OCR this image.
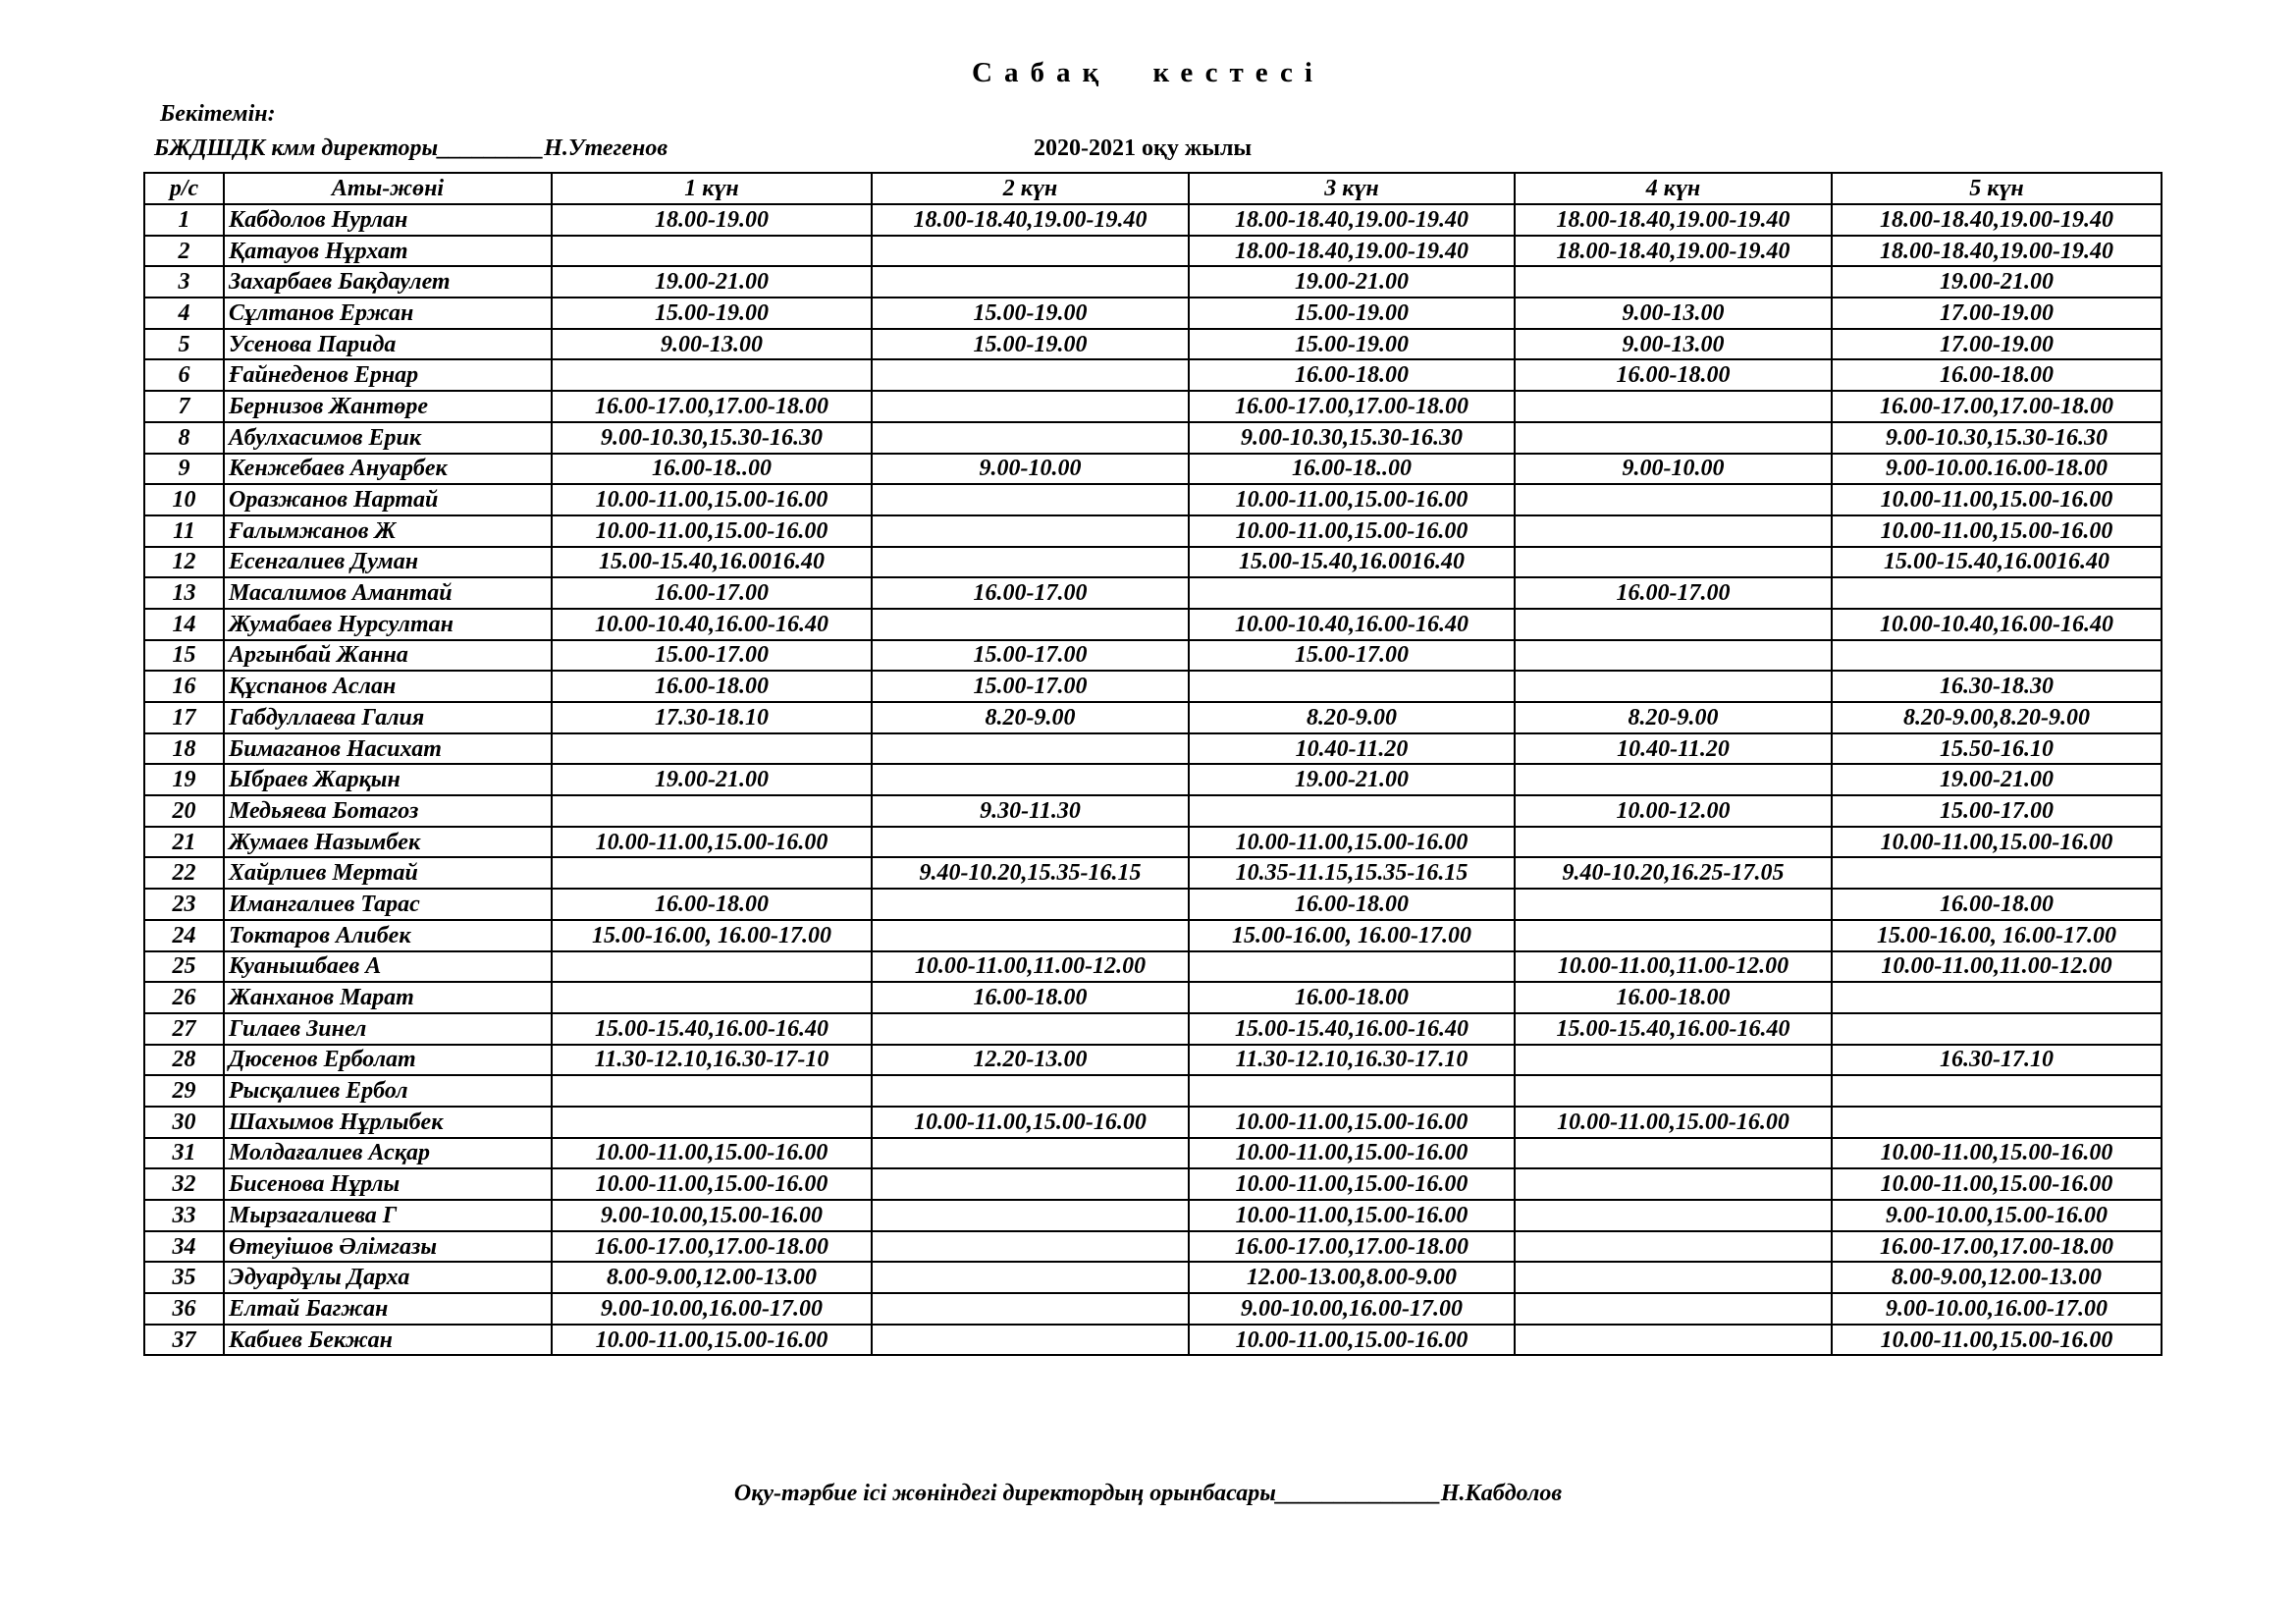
Сабақ кестесі
Бекітемін:
БЖДШДК кмм директоры_________Н.Утегенов	2020-2021 оқу жылы
р/с	Аты-жөні	1 күн	2 күн	3 күн	4 күн	5 күн
1	Кабдолов Нурлан	18.00-19.00	18.00-18.40,19.00-19.40	18.00-18.40,19.00-19.40	18.00-18.40,19.00-19.40	18.00-18.40,19.00-19.40
2	Қатауов Нұрхат			18.00-18.40,19.00-19.40	18.00-18.40,19.00-19.40	18.00-18.40,19.00-19.40
3	Захарбаев Бақдаулет	19.00-21.00		19.00-21.00		19.00-21.00
4	Сұлтанов Ержан	15.00-19.00	15.00-19.00	15.00-19.00	9.00-13.00	17.00-19.00
5	Усенова Парида	9.00-13.00	15.00-19.00	15.00-19.00	9.00-13.00	17.00-19.00
6	Ғайнеденов Ернар			16.00-18.00	16.00-18.00	16.00-18.00
7	Бернизов Жантөре	16.00-17.00,17.00-18.00		16.00-17.00,17.00-18.00		16.00-17.00,17.00-18.00
8	Абулхасимов Ерик	9.00-10.30,15.30-16.30		9.00-10.30,15.30-16.30		9.00-10.30,15.30-16.30
9	Кенжебаев Ануарбек	16.00-18..00	9.00-10.00	16.00-18..00	9.00-10.00	9.00-10.00.16.00-18.00
10	Оразжанов Нартай	10.00-11.00,15.00-16.00		10.00-11.00,15.00-16.00		10.00-11.00,15.00-16.00
11	Ғалымжанов Ж	10.00-11.00,15.00-16.00		10.00-11.00,15.00-16.00		10.00-11.00,15.00-16.00
12	Есенгалиев Думан	15.00-15.40,16.0016.40		15.00-15.40,16.0016.40		15.00-15.40,16.0016.40
13	Масалимов Амантай	16.00-17.00	16.00-17.00		16.00-17.00	
14	Жумабаев Нурсултан	10.00-10.40,16.00-16.40		10.00-10.40,16.00-16.40		10.00-10.40,16.00-16.40
15	Аргынбай Жанна	15.00-17.00	15.00-17.00	15.00-17.00		
16	Құспанов Аслан	16.00-18.00	15.00-17.00			16.30-18.30
17	Габдуллаева Галия	17.30-18.10	8.20-9.00	8.20-9.00	8.20-9.00	8.20-9.00,8.20-9.00
18	Бимаганов Насихат			10.40-11.20	10.40-11.20	15.50-16.10
19	Ыбраев Жарқын	19.00-21.00		19.00-21.00		19.00-21.00
20	Медьяева Ботагоз		9.30-11.30		10.00-12.00	15.00-17.00
21	Жумаев Назымбек	10.00-11.00,15.00-16.00		10.00-11.00,15.00-16.00		10.00-11.00,15.00-16.00
22	Хайрлиев Мертай		9.40-10.20,15.35-16.15	10.35-11.15,15.35-16.15	9.40-10.20,16.25-17.05	
23	Имангалиев Тарас	16.00-18.00		16.00-18.00		16.00-18.00
24	Токтаров Алибек	15.00-16.00, 16.00-17.00		15.00-16.00, 16.00-17.00		15.00-16.00, 16.00-17.00
25	Куанышбаев А		10.00-11.00,11.00-12.00		10.00-11.00,11.00-12.00	10.00-11.00,11.00-12.00
26	Жанханов Марат		16.00-18.00	16.00-18.00	16.00-18.00	
27	Гилаев Зинел	15.00-15.40,16.00-16.40		15.00-15.40,16.00-16.40	15.00-15.40,16.00-16.40	
28	Дюсенов Ерболат	11.30-12.10,16.30-17-10	12.20-13.00	11.30-12.10,16.30-17.10		16.30-17.10
29	Рысқалиев Ербол					
30	Шахымов Нұрлыбек		10.00-11.00,15.00-16.00	10.00-11.00,15.00-16.00	10.00-11.00,15.00-16.00	
31	Молдағалиев Асқар	10.00-11.00,15.00-16.00		10.00-11.00,15.00-16.00		10.00-11.00,15.00-16.00
32	Бисенова Нұрлы	10.00-11.00,15.00-16.00		10.00-11.00,15.00-16.00		10.00-11.00,15.00-16.00
33	Мырзагалиева Г	9.00-10.00,15.00-16.00		10.00-11.00,15.00-16.00		9.00-10.00,15.00-16.00
34	Өтеуішов Әлімгазы	16.00-17.00,17.00-18.00		16.00-17.00,17.00-18.00		16.00-17.00,17.00-18.00
35	Эдуардұлы Дарха	8.00-9.00,12.00-13.00		12.00-13.00,8.00-9.00		8.00-9.00,12.00-13.00
36	Елтай Багжан	9.00-10.00,16.00-17.00		9.00-10.00,16.00-17.00		9.00-10.00,16.00-17.00
37	Кабиев Бекжан	10.00-11.00,15.00-16.00		10.00-11.00,15.00-16.00		10.00-11.00,15.00-16.00
Оқу-тәрбие ісі жөніндегі директордың орынбасары______________Н.Кабдолов
